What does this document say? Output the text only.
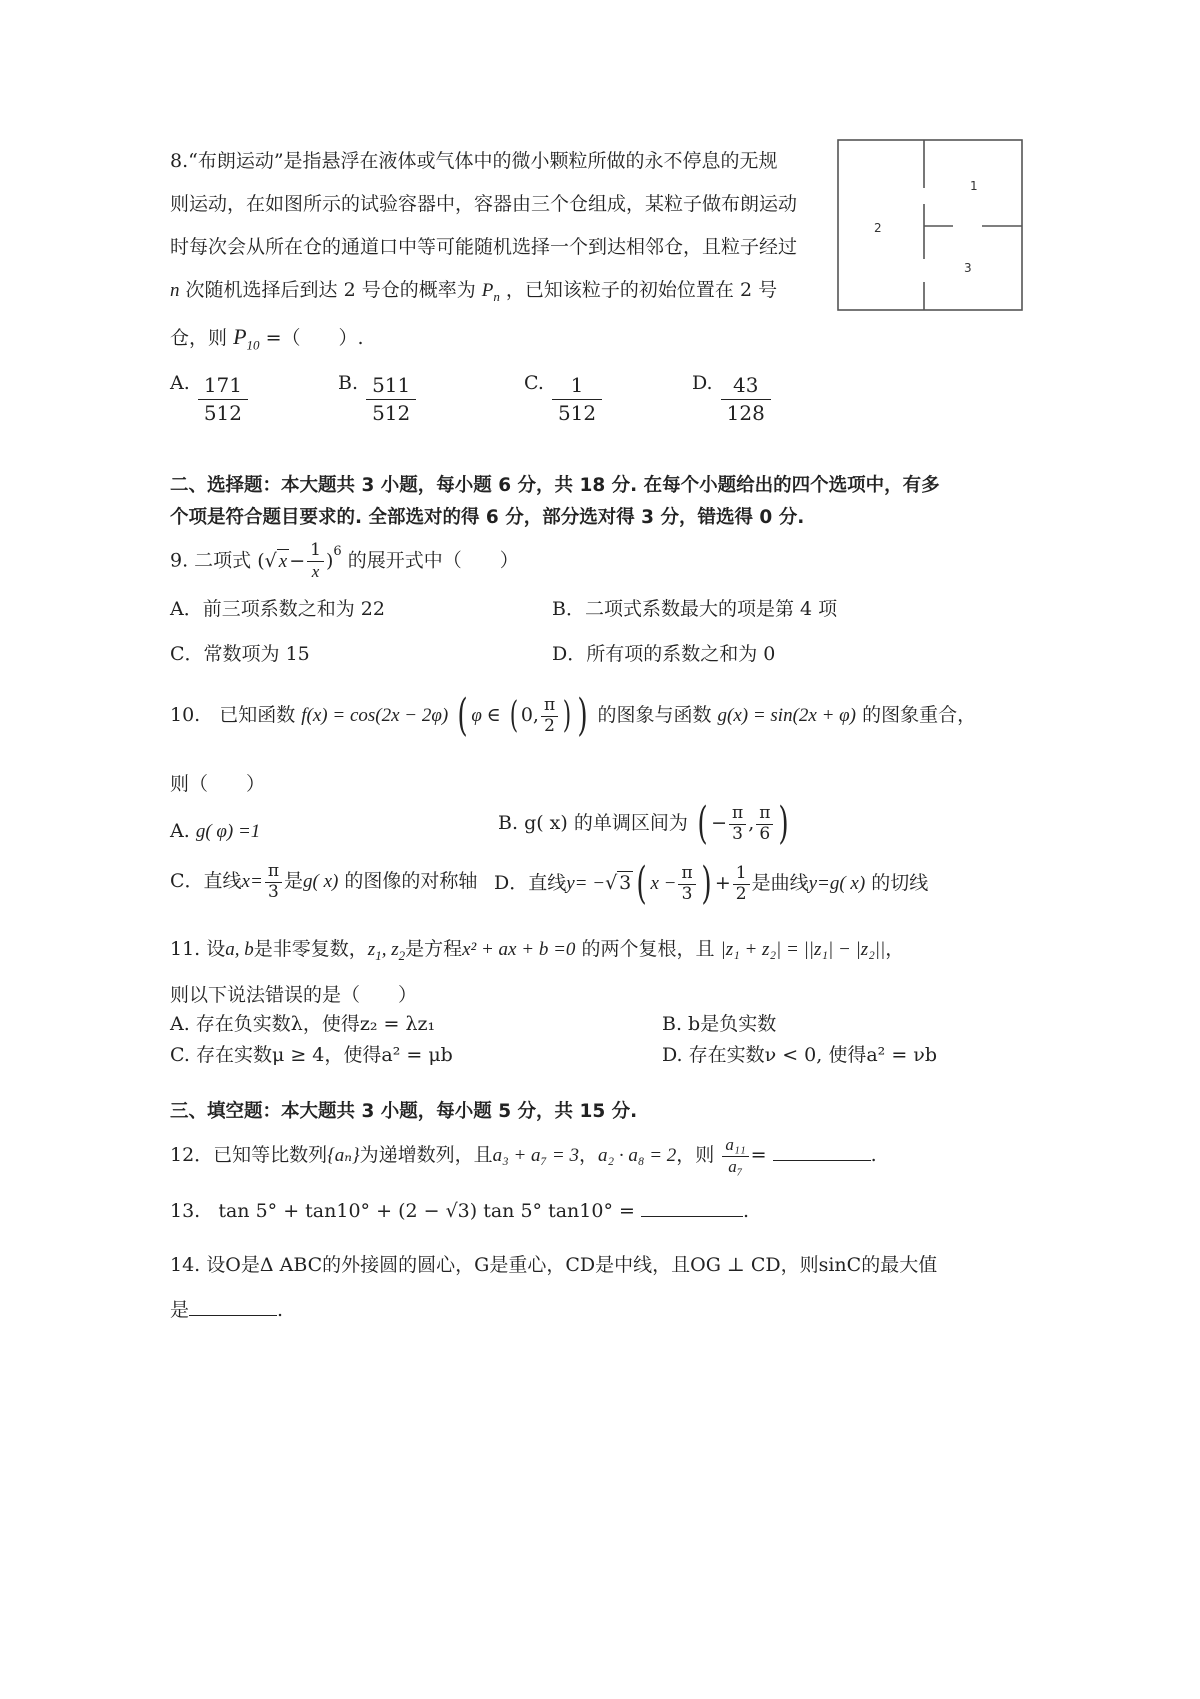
8.“布朗运动”是指悬浮在液体或气体中的微小颗粒所做的永不停息的无规
则运动，在如图所示的试验容器中，容器由三个仓组成，某粒子做布朗运动
时每次会从所在仓的通道口中等可能随机选择一个到达相邻仓，且粒子经过
n 次随机选择后到达 2 号仓的概率为 $P_n$ ，已知该粒子的初始位置在 2 号
仓，则 $P_{10}$ =（　　）.
1
2
3
A. $\frac{171}{512}$	B. $\frac{511}{512}$	C. $\frac{1}{512}$	D. $\frac{43}{128}$
二、选择题：本大题共 3 小题，每小题 6 分，共 18 分. 在每个小题给出的四个选项中，有多
个项是符合题目要求的. 全部选对的得 6 分，部分选对得 3 分，错选得 0 分.
9. 二项式 (√ $x - \frac{1}{x} )^6$ 的展开式中（　　）
A．前三项系数之和为 22	B．二项式系数最大的项是第 4 项
C．常数项为 15	D．所有项的系数之和为 0
10.　已知函数 f(x) = cos(2x − 2φ) ( φ ∈ ( 0, $\frac{\pi}{2}$ ) ) 的图象与函数 g(x) = sin(2x + φ) 的图象重合，
则（　　）
A. g( φ) =1	B. g( x) 的单调区间为 ( − $\frac{\pi}{3}$ , $\frac{\pi}{6}$ )
C．直线$x= \frac{\pi}{3}$ 是g( x) 的图像的对称轴 D．直线y= −√ 3 ( $x - \frac{\pi}{3}$ ) + $\frac{1}{2}$ 是曲线y=g( x) 的切线
11. 设a, b是非零复数，$z_1$, $z_2$是方程x² + ax + b =0 的两个复根，且 |z₁ + z₂| = ||z₁| − |z₂||，
则以下说法错误的是（　　）
A. 存在负实数λ，使得z₂ = λz₁	B. b是负实数
C. 存在实数μ ≥ 4，使得a² = μb	D. 存在实数ν < 0, 使得a² = νb
三、填空题：本大题共 3 小题，每小题 5 分，共 15 分.
12．已知等比数列{aₙ}为递增数列，且a₃ + a₇ = 3，a₂ · a₈ = 2，则 $\frac{\text{a₁₁}}{\text{a₇}}$ =	.
13. tan 5° + tan10° + (2 − √3) tan 5° tan10° =	.
14. 设O是Δ ABC的外接圆的圆心，G是重心，CD是中线，且OG ⊥ CD，则sinC的最大值
是	.
